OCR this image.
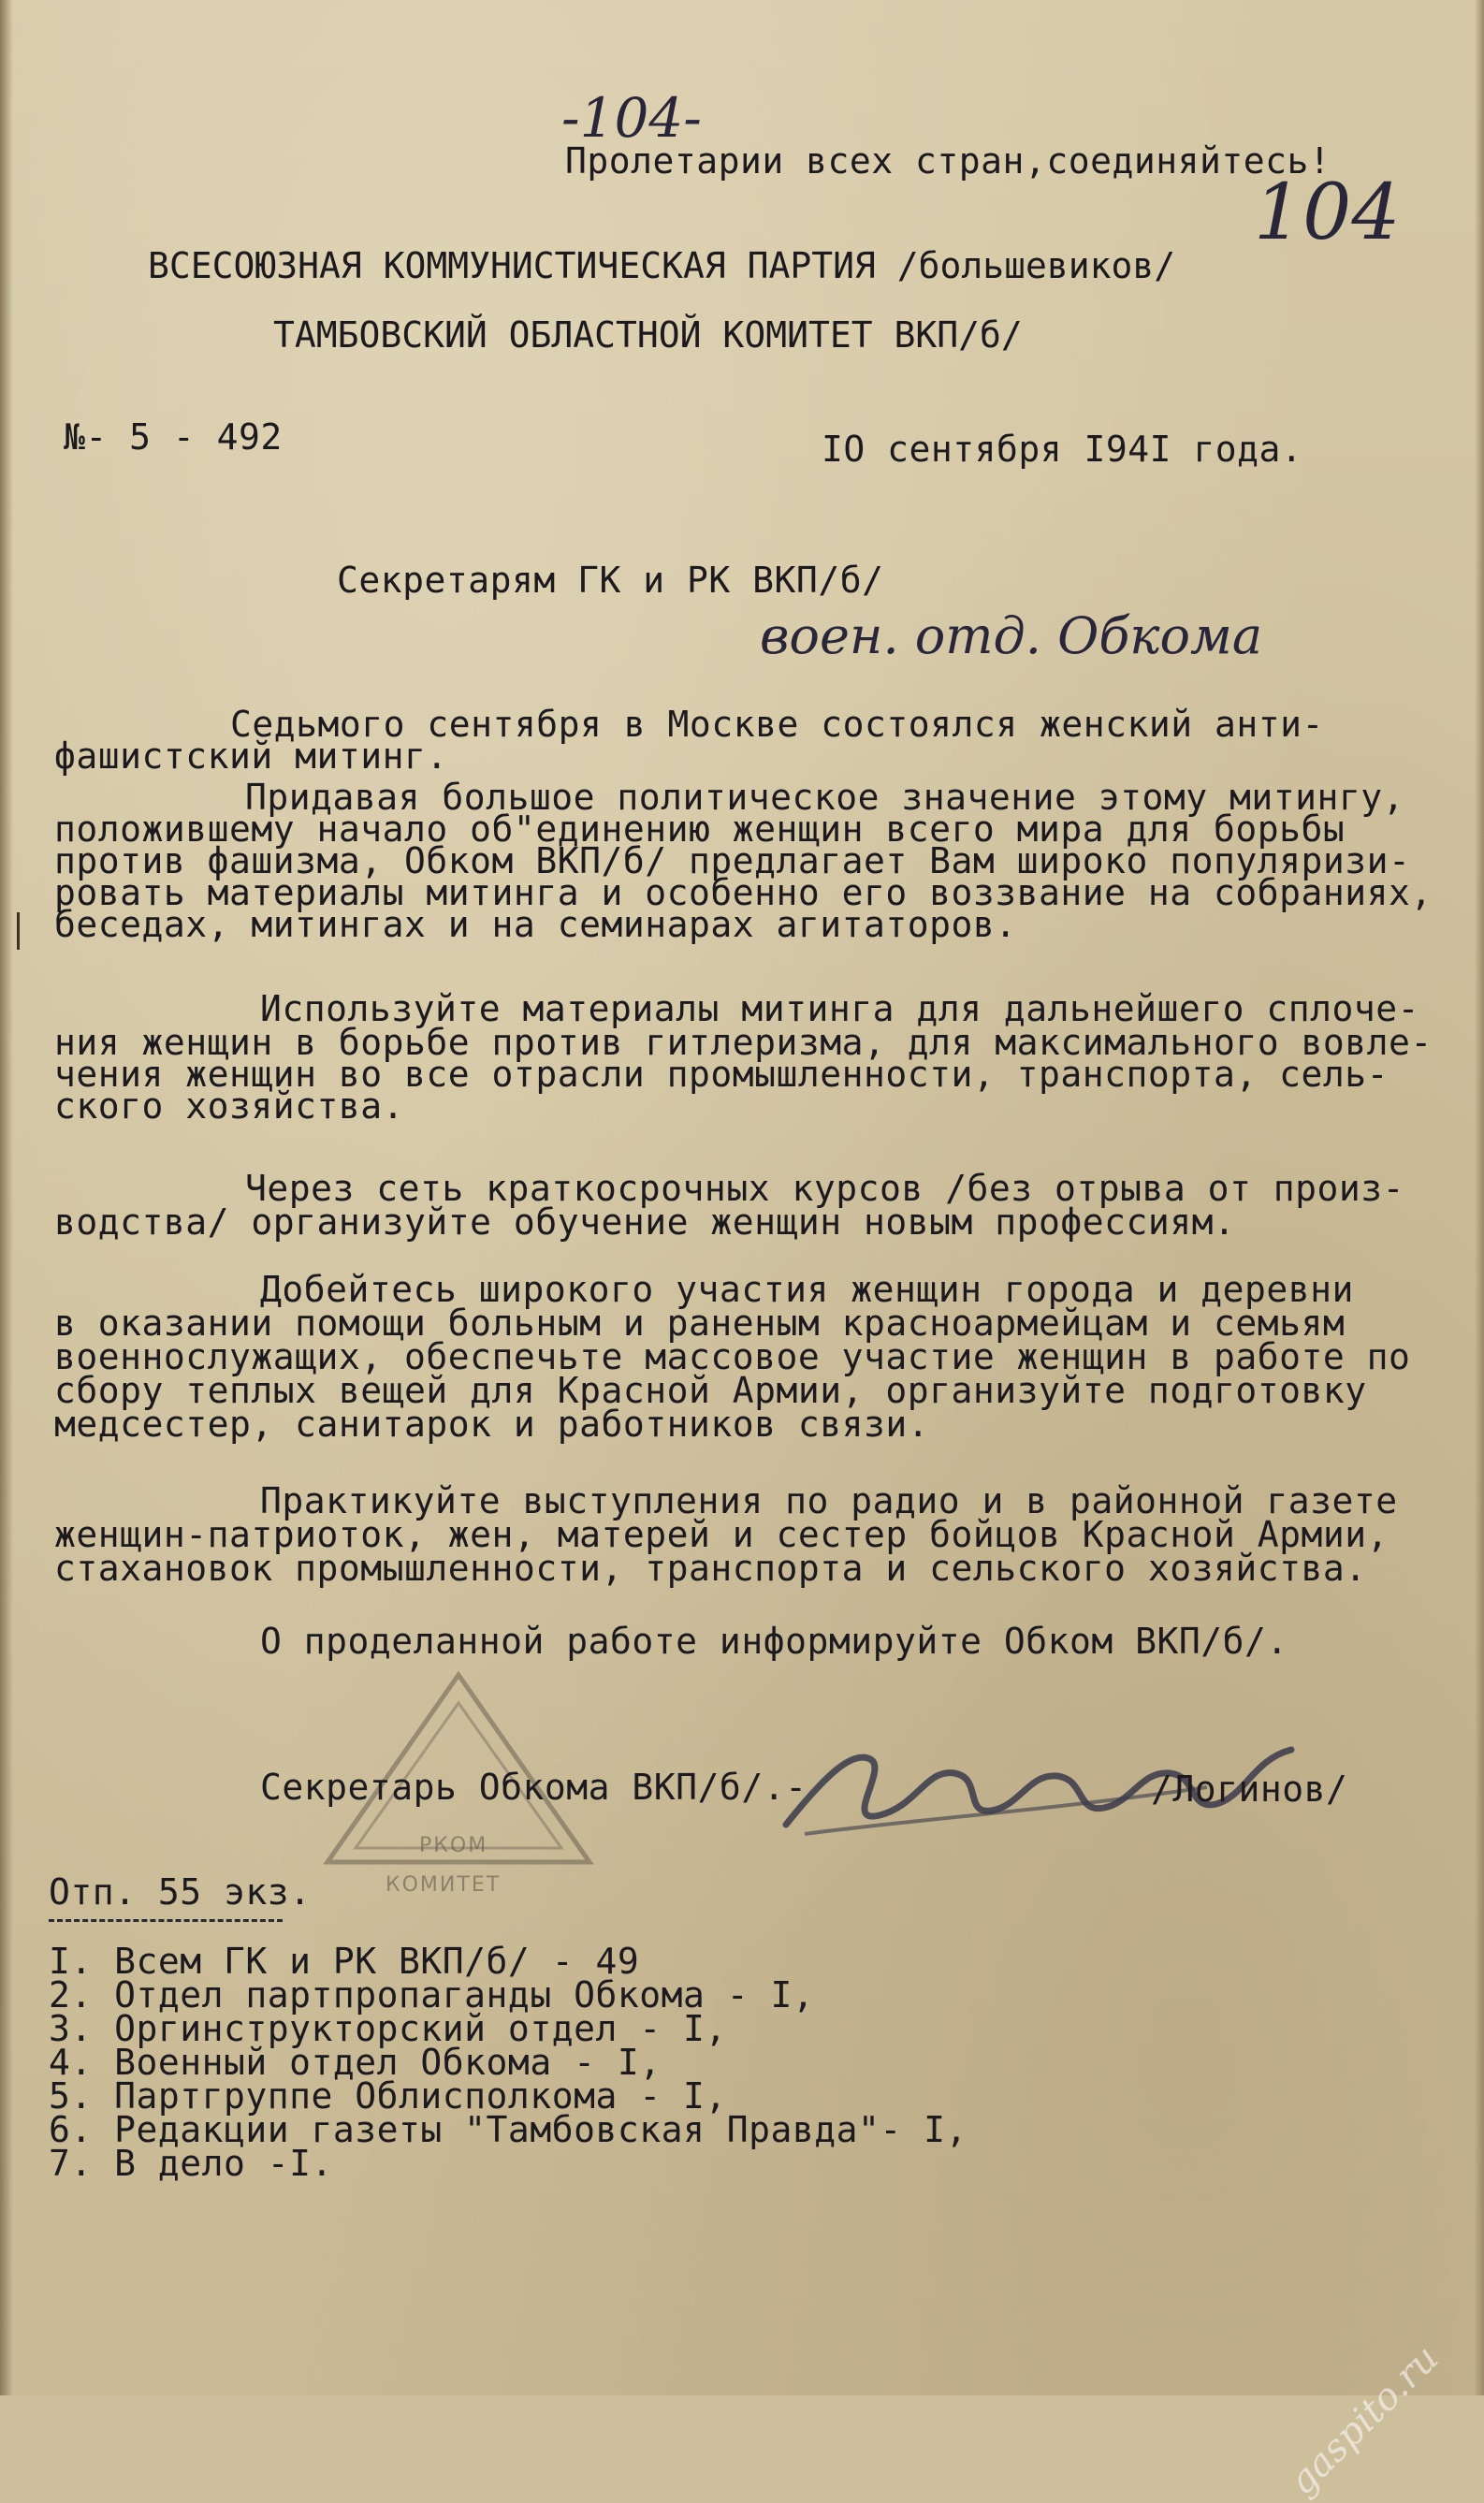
-104-
Пролетарии всех стран,соединяйтесь!
104
ВСЕСОЮЗНАЯ КОММУНИСТИЧЕСКАЯ ПАРТИЯ /большевиков/
ТАМБОВСКИЙ ОБЛАСТНОЙ КОМИТЕТ ВКП/б/
№- 5 - 492	IO сентября I94I года.
Секретарям ГК и РК ВКП/б/
воен. отд. Обкома
Седьмого сентября в Москве состоялся женский анти-
фашистский митинг.
Придавая большое политическое значение этому митингу,
положившему начало об"единению женщин всего мира для борьбы
против фашизма, Обком ВКП/б/ предлагает Вам широко популяризи-
ровать материалы митинга и особенно его воззвание на собраниях,
беседах, митингах и на семинарах агитаторов.
Используйте материалы митинга для дальнейшего сплоче-
ния женщин в борьбе против гитлеризма, для максимального вовле-
чения женщин во все отрасли промышленности, транспорта, сель-
ского хозяйства.
Через сеть краткосрочных курсов /без отрыва от произ-
водства/ организуйте обучение женщин новым профессиям.
Добейтесь широкого участия женщин города и деревни
в оказании помощи больным и раненым красноармейцам и семьям
военнослужащих, обеспечьте массовое участие женщин в работе по
сбору теплых вещей для Красной Армии, организуйте подготовку
медсестер, санитарок и работников связи.
Практикуйте выступления по радио и в районной газете
женщин-патриоток, жен, матерей и сестер бойцов Красной Армии,
стахановок промышленности, транспорта и сельского хозяйства.
О проделанной работе информируйте Обком ВКП/б/.
РКОМ
КОМИТЕТ
Секретарь Обкома ВКП/б/.-	/Логинов/
Отп. 55 экз.
I. Всем ГК и РК ВКП/б/ - 49
2. Отдел партпропаганды Обкома - I,
3. Оргинструкторский отдел - I,
4. Военный отдел Обкома - I,
5. Партгруппе Облисполкома - I,
6. Редакции газеты "Тамбовская Правда"- I,
7. В дело -I.
gaspito.ru
